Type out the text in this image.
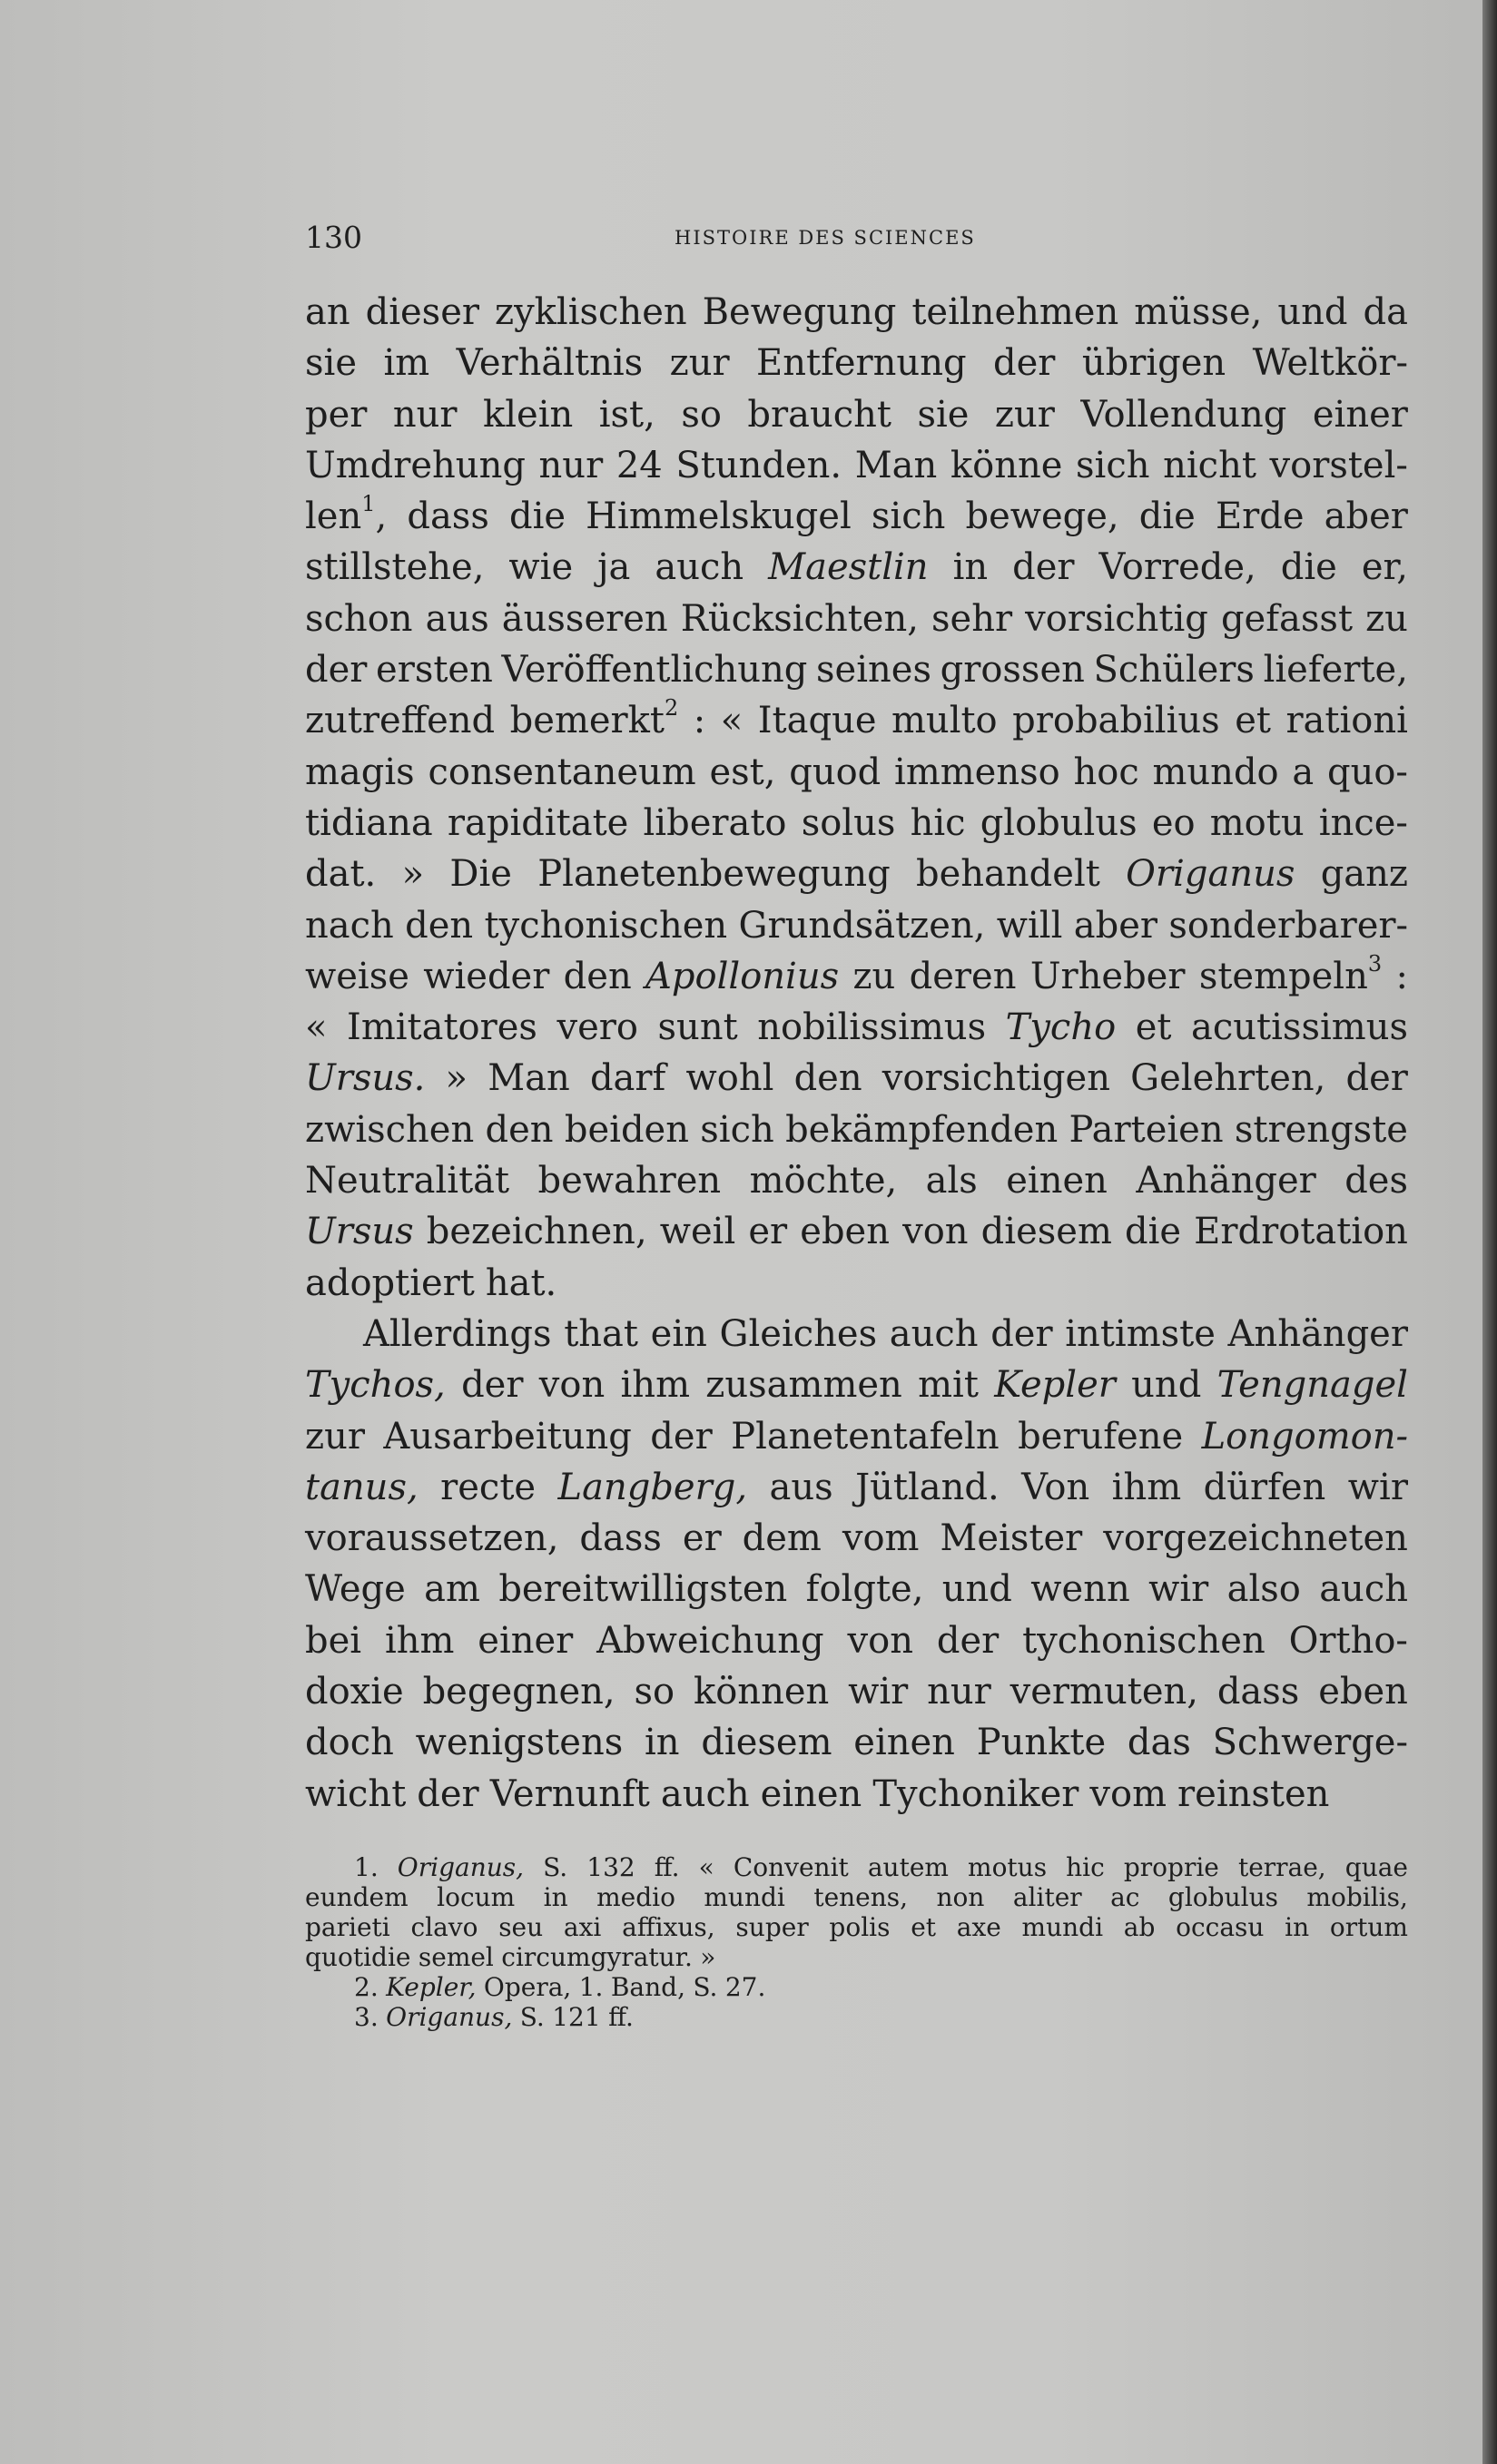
130	HISTOIRE DES SCIENCES
an dieser zyklischen Bewegung teilnehmen müsse, und da
sie im Verhältnis zur Entfernung der übrigen Weltkör-
per nur klein ist, so braucht sie zur Vollendung einer
Umdrehung nur 24 Stunden. Man könne sich nicht vorstel-
len$^1$, dass die Himmelskugel sich bewege, die Erde aber
stillstehe, wie ja auch Maestlin in der Vorrede, die er,
schon aus äusseren Rücksichten, sehr vorsichtig gefasst zu
der ersten Veröffentlichung seines grossen Schülers lieferte,
zutreffend bemerkt$^2$ : « Itaque multo probabilius et rationi
magis consentaneum est, quod immenso hoc mundo a quo-
tidiana rapiditate liberato solus hic globulus eo motu ince-
dat. » Die Planetenbewegung behandelt Origanus ganz
nach den tychonischen Grundsätzen, will aber sonderbarer-
weise wieder den Apollonius zu deren Urheber stempeln$^3$ :
« Imitatores vero sunt nobilissimus Tycho et acutissimus
Ursus. » Man darf wohl den vorsichtigen Gelehrten, der
zwischen den beiden sich bekämpfenden Parteien strengste
Neutralität bewahren möchte, als einen Anhänger des
Ursus bezeichnen, weil er eben von diesem die Erdrotation
adoptiert hat.
Allerdings that ein Gleiches auch der intimste Anhänger
Tychos, der von ihm zusammen mit Kepler und Tengnagel
zur Ausarbeitung der Planetentafeln berufene Longomon-
tanus, recte Langberg, aus Jütland. Von ihm dürfen wir
voraussetzen, dass er dem vom Meister vorgezeichneten
Wege am bereitwilligsten folgte, und wenn wir also auch
bei ihm einer Abweichung von der tychonischen Ortho-
doxie begegnen, so können wir nur vermuten, dass eben
doch wenigstens in diesem einen Punkte das Schwerge-
wicht der Vernunft auch einen Tychoniker vom reinsten
1. Origanus, S. 132 ff. « Convenit autem motus hic proprie terrae, quae
eundem locum in medio mundi tenens, non aliter ac globulus mobilis,
parieti clavo seu axi affixus, super polis et axe mundi ab occasu in ortum
quotidie semel circumgyratur. »
2. Kepler, Opera, 1. Band, S. 27.
3. Origanus, S. 121 ff.
